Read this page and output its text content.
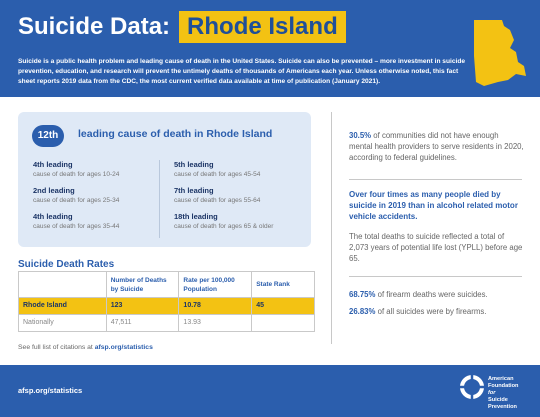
Suicide Data: Rhode Island

Suicide is a public health problem and leading cause of death in the United States. Suicide can also be prevented – more investment in suicide prevention, education, and research will prevent the untimely deaths of thousands of Americans each year. Unless otherwise noted, this fact sheet reports 2019 data from the CDC, the most current verified data available at time of publication (January 2021).

12th	leading cause of death in Rhode Island
4th leading
cause of death for ages 10-24
2nd leading
cause of death for ages 25-34
4th leading
cause of death for ages 35-44
5th leading
cause of death for ages 45-54
7th leading
cause of death for ages 55-64
18th leading
cause of death for ages 65 & older
Suicide Death Rates
	Number of Deaths by Suicide	Rate per 100,000 Population	State Rank
Rhode Island	123	10.78	45
Nationally	47,511	13.93	
See full list of citations at afsp.org/statistics

30.5% of communities did not have enough mental health providers to serve residents in 2020, according to federal guidelines.

Over four times as many people died by suicide in 2019 than in alcohol related motor vehicle accidents.

The total deaths to suicide reflected a total of 2,073 years of potential life lost (YPLL) before age 65.

68.75% of firearm deaths were suicides.

26.83% of all suicides were by firearms.

afsp.org/statistics
American
Foundation
for
Suicide
Prevention
